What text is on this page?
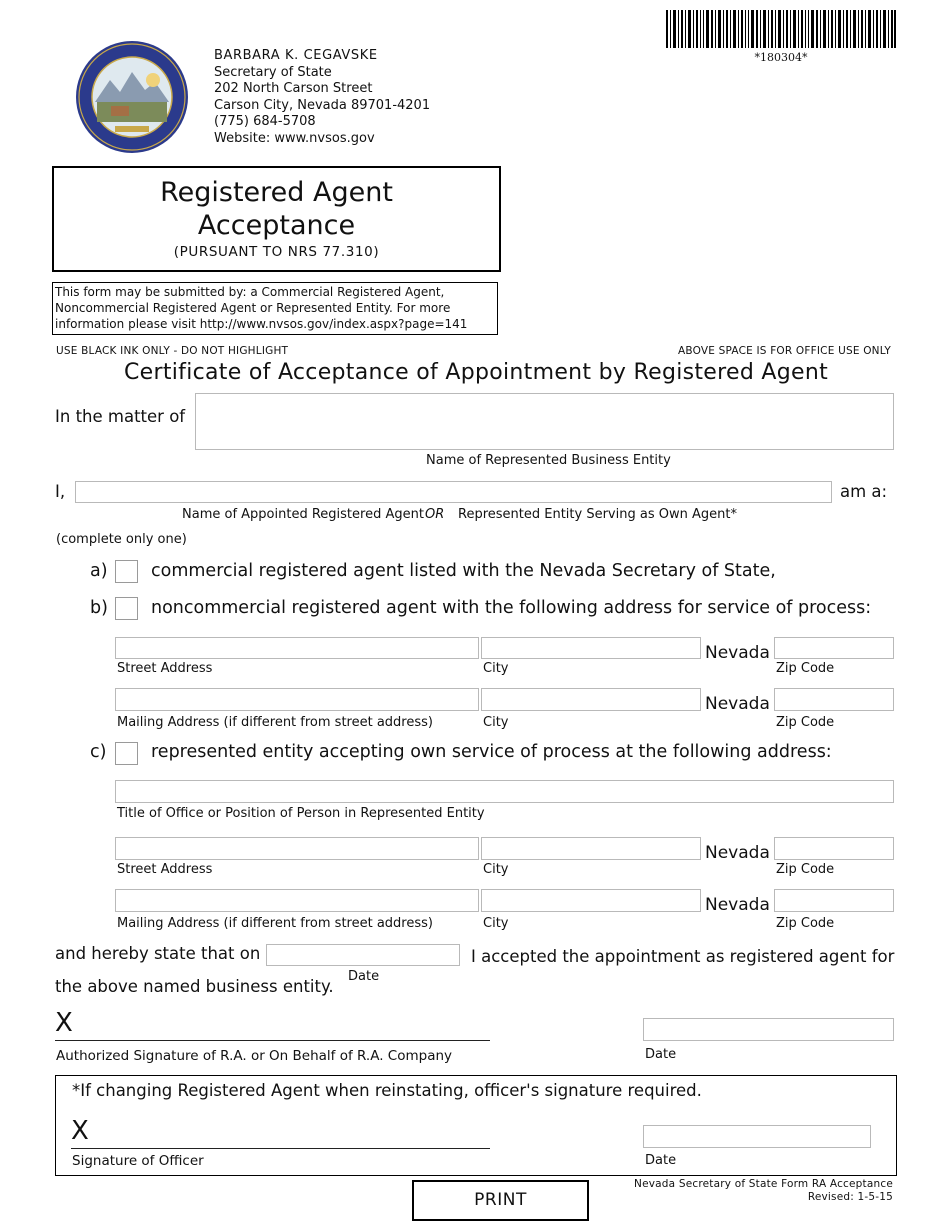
BARBARA K. CEGAVSKE
Secretary of State
202 North Carson Street
Carson City, Nevada 89701-4201
(775) 684-5708
Website: www.nvsos.gov
*180304*
Registered Agent
Acceptance
(PURSUANT TO NRS 77.310)
This form may be submitted by: a Commercial Registered Agent,
Noncommercial Registered Agent or Represented Entity. For more
information please visit http://www.nvsos.gov/index.aspx?page=141
USE BLACK INK ONLY - DO NOT HIGHLIGHT	ABOVE SPACE IS FOR OFFICE USE ONLY
Certificate of Acceptance of Appointment by Registered Agent
In the matter of
Name of Represented Business Entity
I,	am a:
Name of Appointed Registered Agent OR Represented Entity Serving as Own Agent*
(complete only one)
a) commercial registered agent listed with the Nevada Secretary of State,
b) noncommercial registered agent with the following address for service of process:
Nevada
Street Address	City	Zip Code
Nevada
Mailing Address (if different from street address)	City	Zip Code
c)	represented entity accepting own service of process at the following address:
Title of Office or Position of Person in Represented Entity
Nevada
Street Address	City	Zip Code
Nevada
Mailing Address (if different from street address)	City	Zip Code
and hereby state that on
Date
I accepted the appointment as registered agent for
the above named business entity.
X
Authorized Signature of R.A. or On Behalf of R.A. Company	Date
*If changing Registered Agent when reinstating, officer's signature required.
X
Signature of Officer	Date
PRINT
Nevada Secretary of State Form RA Acceptance
Revised: 1-5-15
